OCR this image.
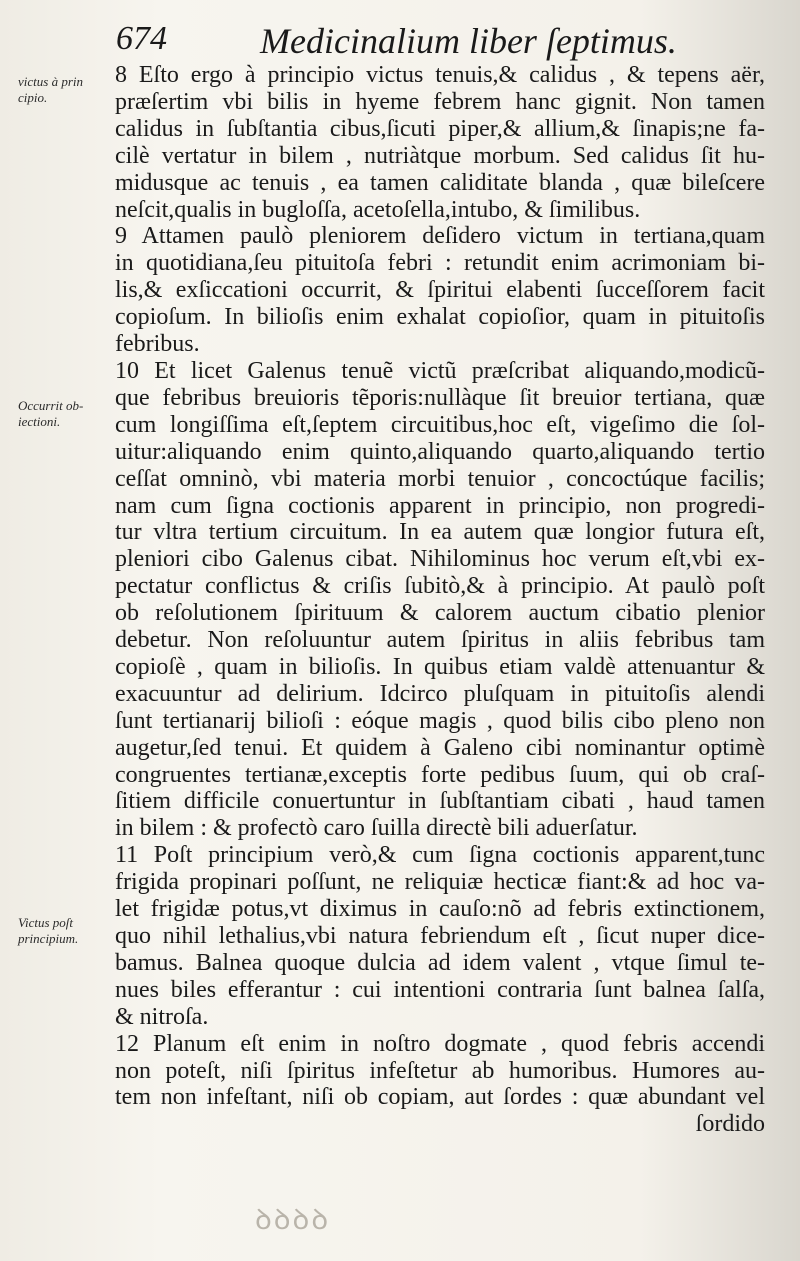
674	Medicinalium liber ſeptimus.
victus à prin
cipio.
Occurrit ob-
iectioni.
Victus poſt
principium.
8 Eſto ergo à principio victus tenuis,& calidus , & tepens aër,
præſertim vbi bilis in hyeme febrem hanc gignit. Non tamen
calidus in ſubſtantia cibus,ſicuti piper,& allium,& ſinapis;ne fa-
cilè vertatur in bilem , nutriàtque morbum. Sed calidus ſit hu-
midusque ac tenuis , ea tamen caliditate blanda , quæ bileſcere
neſcit,qualis in bugloſſa, acetoſella,intubo, & ſimilibus.
9 Attamen paulò pleniorem deſidero victum in tertiana,quam
in quotidiana,ſeu pituitoſa febri : retundit enim acrimoniam bi-
lis,& exſiccationi occurrit, & ſpiritui elabenti ſucceſſorem facit
copioſum. In bilioſis enim exhalat copioſior, quam in pituitoſis
febribus.
10 Et licet Galenus tenuẽ victũ præſcribat aliquando,modicũ-
que febribus breuioris tẽporis:nullàque ſit breuior tertiana, quæ
cum longiſſima eſt,ſeptem circuitibus,hoc eſt, vigeſimo die ſol-
uitur:aliquando enim quinto,aliquando quarto,aliquando tertio
ceſſat omninò, vbi materia morbi tenuior , concoctúque facilis;
nam cum ſigna coctionis apparent in principio, non progredi-
tur vltra tertium circuitum. In ea autem quæ longior futura eſt,
pleniori cibo Galenus cibat. Nihilominus hoc verum eſt,vbi ex-
pectatur conflictus & criſis ſubitò,& à principio. At paulò poſt
ob reſolutionem ſpirituum & calorem auctum cibatio plenior
debetur. Non reſoluuntur autem ſpiritus in aliis febribus tam
copioſè , quam in bilioſis. In quibus etiam valdè attenuantur &
exacuuntur ad delirium. Idcirco pluſquam in pituitoſis alendi
ſunt tertianarij bilioſi : eóque magis , quod bilis cibo pleno non
augetur,ſed tenui. Et quidem à Galeno cibi nominantur optimè
congruentes tertianæ,exceptis forte pedibus ſuum, qui ob craſ-
ſitiem difficile conuertuntur in ſubſtantiam cibati , haud tamen
in bilem : & profectò caro ſuilla directè bili aduerſatur.
11 Poſt principium verò,& cum ſigna coctionis apparent,tunc
frigida propinari poſſunt, ne reliquiæ hecticæ fiant:& ad hoc va-
let frigidæ potus,vt diximus in cauſo:nõ ad febris extinctionem,
quo nihil lethalius,vbi natura febriendum eſt , ſicut nuper dice-
bamus. Balnea quoque dulcia ad idem valent , vtque ſimul te-
nues biles efferantur : cui intentioni contraria ſunt balnea ſalſa,
& nitroſa.
12 Planum eſt enim in noſtro dogmate , quod febris accendi
non poteſt, niſi ſpiritus infeſtetur ab humoribus. Humores au-
tem non infeſtant, niſi ob copiam, aut ſordes : quæ abundant vel
ſordido
ꝺꝺꝺꝺ
